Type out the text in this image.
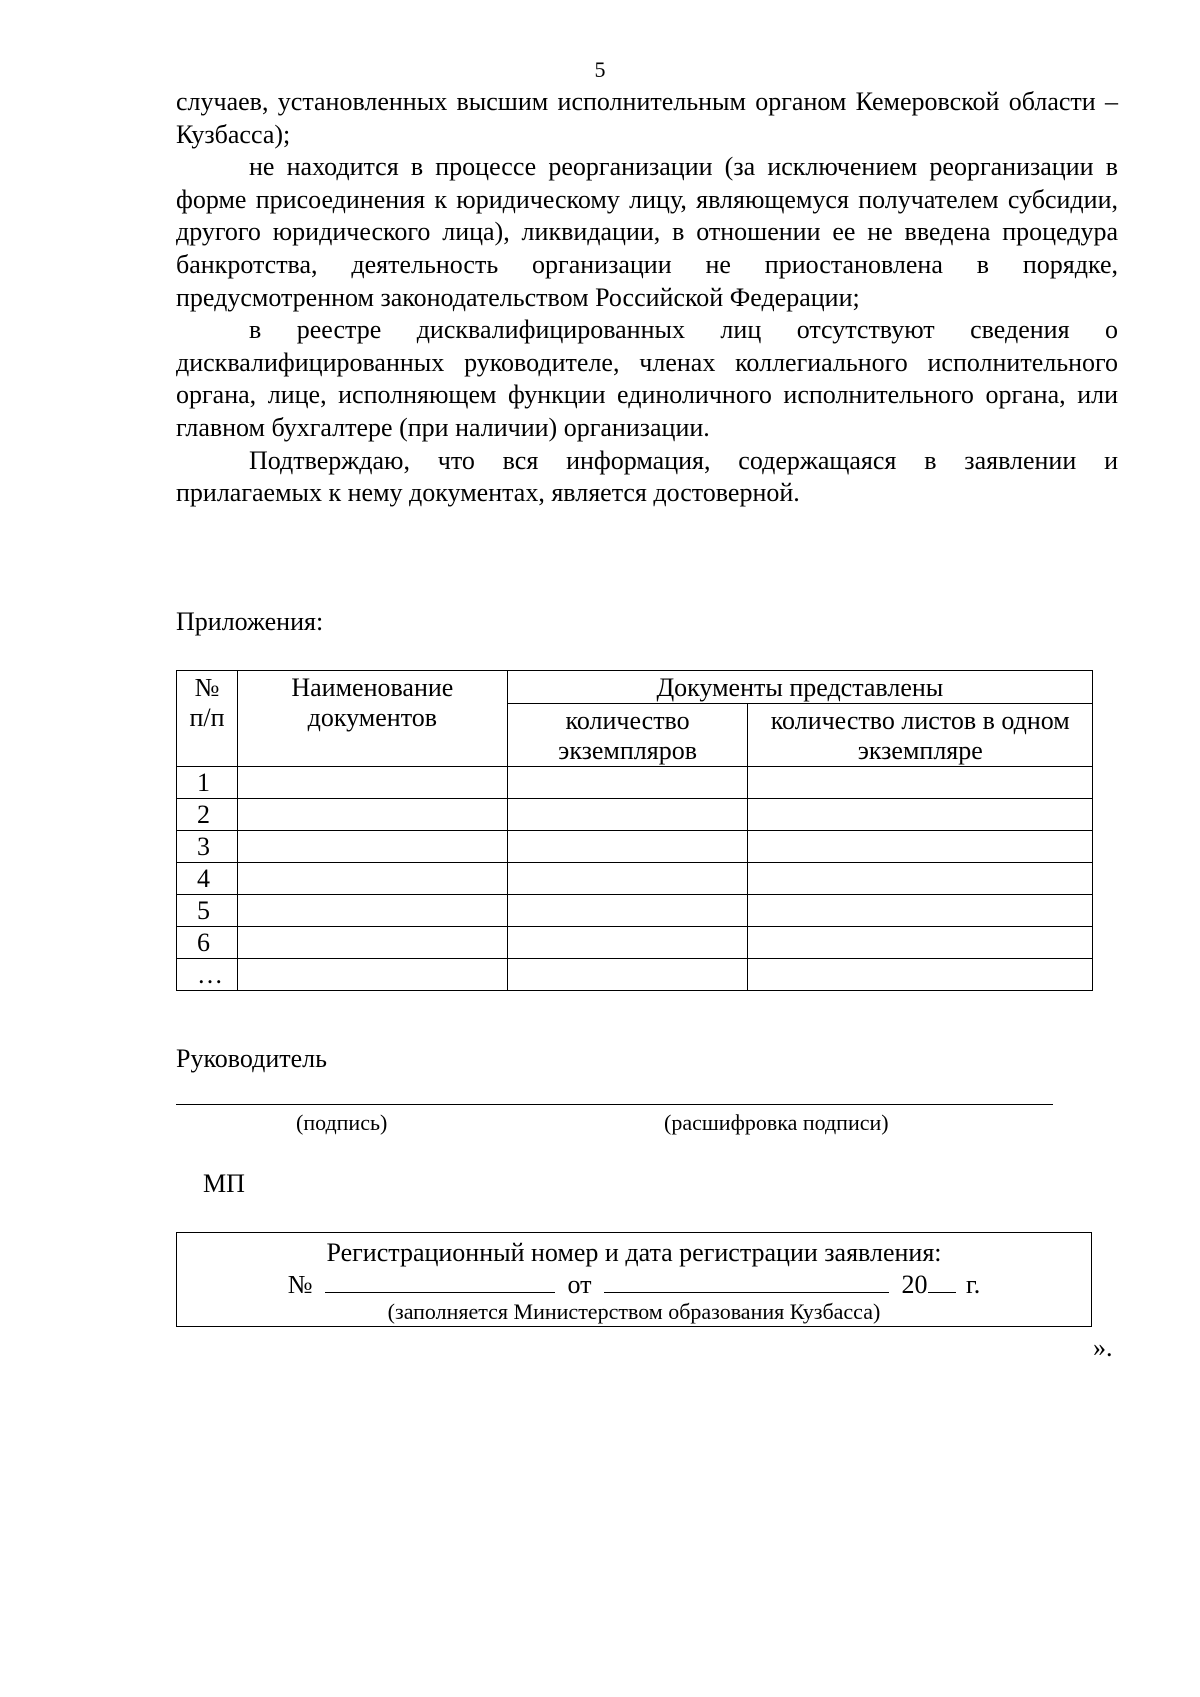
5

случаев, установленных высшим исполнительным органом Кемеровской области – Кузбасса);

не находится в процессе реорганизации (за исключением реорганизации в форме присоединения к юридическому лицу, являющемуся получателем субсидии, другого юридического лица), ликвидации, в отношении ее не введена процедура банкротства, деятельность организации не приостановлена в порядке, предусмотренном законодательством Российской Федерации;

в реестре дисквалифицированных лиц отсутствуют сведения о дисквалифицированных руководителе, членах коллегиального исполнительного органа, лице, исполняющем функции единоличного исполнительного органа, или главном бухгалтере (при наличии) организации.

Подтверждаю, что вся информация, содержащаяся в заявлении и прилагаемых к нему документах, является достоверной.

Приложения:
№ п/п	Наименование документов	Документы представлены	
		количество экземпляров	количество листов в одном экземпляре
1			
2			
3			
4			
5			
6			
…			
Руководитель
(подпись)	(расшифровка подписи)
МП
Регистрационный номер и дата регистрации заявления:
№	от	20 г.
(заполняется Министерством образования Кузбасса)
».
